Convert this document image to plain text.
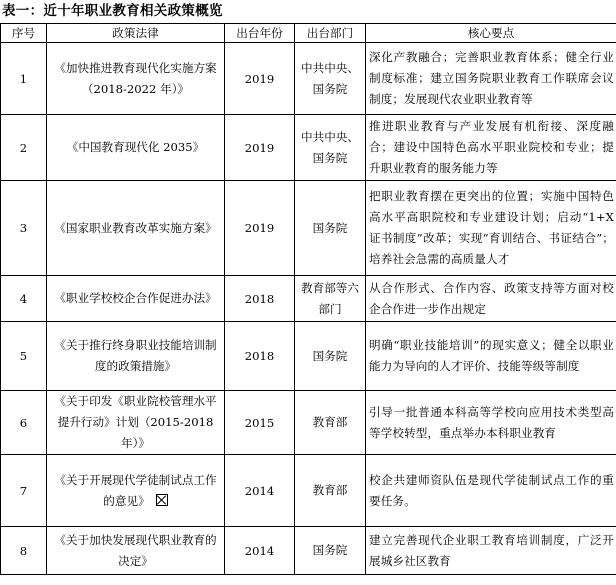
表一：近十年职业教育相关政策概览
序号	政策法律	出台年份	出台部门	核心要点
1	《加快推进教育现代化实施方案（2018-2022 年）》	2019	中共中央、国务院	深化产教融合；完善职业教育体系；健全行业制度标准；建立国务院职业教育工作联席会议制度；发展现代农业职业教育等
2	《中国教育现代化 2035》	2019	中共中央、国务院	推进职业教育与产业发展有机衔接、深度融合；建设中国特色高水平职业院校和专业；提升职业教育的服务能力等
3	《国家职业教育改革实施方案》	2019	国务院	把职业教育摆在更突出的位置；实施中国特色高水平高职院校和专业建设计划；启动“1+X 证书制度”改革；实现“育训结合、书证结合”；培养社会急需的高质量人才
4	《职业学校校企合作促进办法》	2018	教育部等六部门	从合作形式、合作内容、政策支持等方面对校企合作进一步作出规定
5	《关于推行终身职业技能培训制度的政策措施》	2018	国务院	明确“职业技能培训”的现实意义；健全以职业能力为导向的人才评价、技能等级等制度
6	《关于印发《职业院校管理水平提升行动》计划（2015-2018 年）》	2015	教育部	引导一批普通本科高等学校向应用技术类型高等学校转型，重点举办本科职业教育
7	《关于开展现代学徒制试点工作的意见》	2014	教育部	校企共建师资队伍是现代学徒制试点工作的重要任务。
8	《关于加快发展现代职业教育的决定》	2014	国务院	建立完善现代企业职工教育培训制度，广泛开展城乡社区教育
